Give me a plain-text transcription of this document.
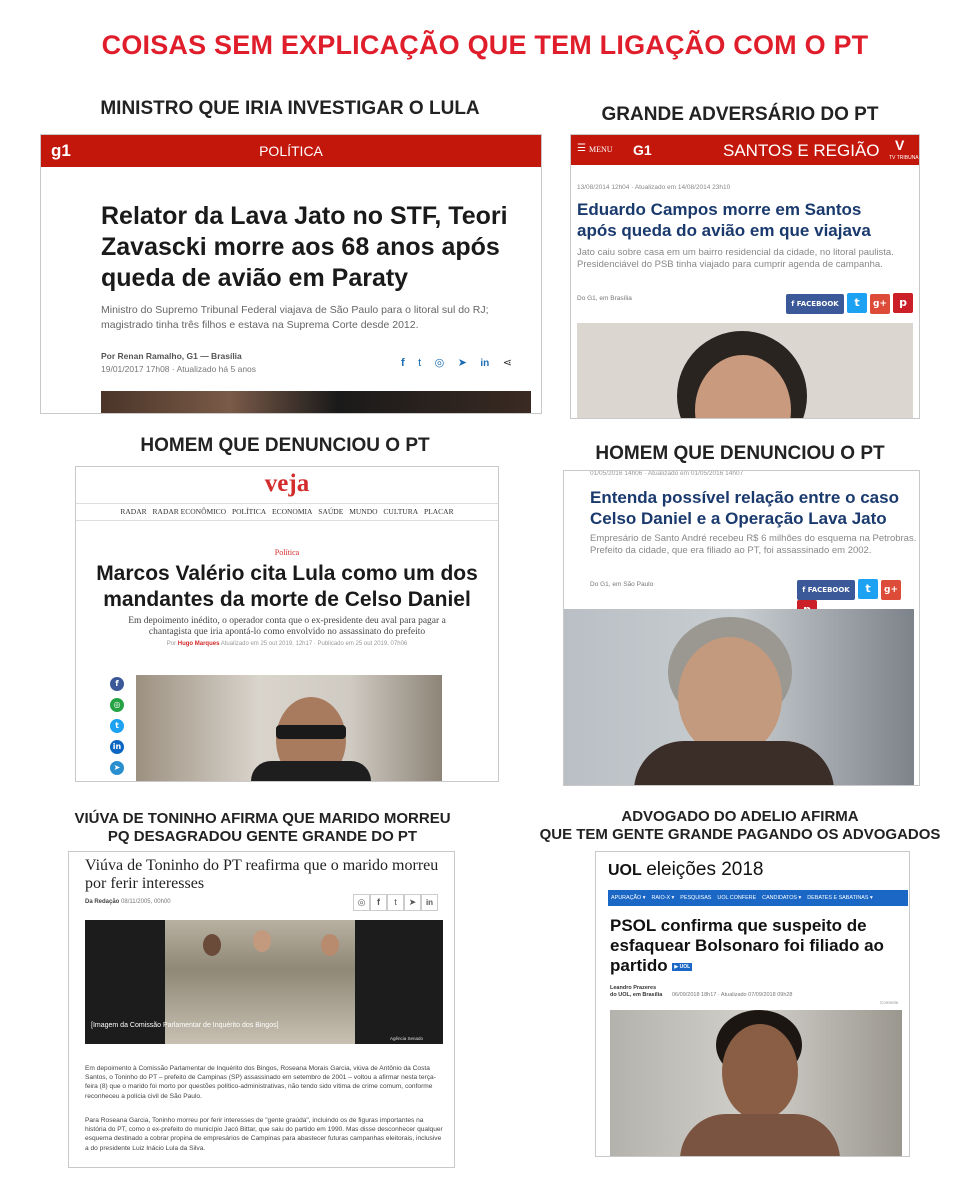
COISAS SEM EXPLICAÇÃO QUE TEM LIGAÇÃO COM O PT
MINISTRO QUE IRIA INVESTIGAR O LULA
g1	POLÍTICA
Relator da Lava Jato no STF, Teori Zavascki morre aos 68 anos após queda de avião em Paraty
Ministro do Supremo Tribunal Federal viajava de São Paulo para o litoral sul do RJ; magistrado tinha três filhos e estava na Suprema Corte desde 2012.
Por Renan Ramalho, G1 — Brasília
19/01/2017 17h08 · Atualizado há 5 anos	f t ◎ ➤ in ⋖
GRANDE ADVERSÁRIO DO PT
☰ MENU G1	SANTOS E REGIÃO TV TRIBUNA
V
13/08/2014 12h04 · Atualizado em 14/08/2014 23h10
Eduardo Campos morre em Santos após queda do avião em que viajava
Jato caiu sobre casa em um bairro residencial da cidade, no litoral paulista. Presidenciável do PSB tinha viajado para cumprir agenda de campanha.
Do G1, em Brasília
f FACEBOOK t g+ p
HOMEM QUE DENUNCIOU O PT
veja
RADAR RADAR ECONÔMICO POLÍTICA ECONOMIA SAÚDE MUNDO CULTURA PLACAR
Política
Marcos Valério cita Lula como um dos mandantes da morte de Celso Daniel
Em depoimento inédito, o operador conta que o ex-presidente deu aval para pagar a chantagista que iria apontá-lo como envolvido no assassinato do prefeito
Por Hugo Marques Atualizado em 25 out 2019, 12h17 · Publicado em 25 out 2019, 07h06
f
◎
t
in
➤
HOMEM QUE DENUNCIOU O PT
01/05/2016 14h06 · Atualizado em 01/05/2016 14h07
Entenda possível relação entre o caso Celso Daniel e a Operação Lava Jato
Empresário de Santo André recebeu R$ 6 milhões do esquema na Petrobras. Prefeito da cidade, que era filiado ao PT, foi assassinado em 2002.
Do G1, em São Paulo
f FACEBOOK t g+
VIÚVA DE TONINHO AFIRMA QUE MARIDO MORREU
PQ DESAGRADOU GENTE GRANDE DO PT
Viúva de Toninho do PT reafirma que o marido morreu por ferir interesses
Da Redação 08/11/2005, 00h00	◎ f t ➤ in
[Imagem da Comissão Parlamentar de Inquérito dos Bingos]
Agência Senado
Em depoimento à Comissão Parlamentar de Inquérito dos Bingos, Roseana Morais Garcia, viúva de Antônio da Costa Santos, o Toninho do PT – prefeito de Campinas (SP) assassinado em setembro de 2001 – voltou a afirmar nesta terça-feira (8) que o marido foi morto por questões político-administrativas, não tendo sido vítima de crime comum, conforme reconheceu a polícia civil de São Paulo.
Para Roseana Garcia, Toninho morreu por ferir interesses de "gente graúda", incluindo os de figuras importantes na história do PT, como o ex-prefeito do município Jacó Bittar, que saiu do partido em 1990. Mas disse desconhecer qualquer esquema destinado a cobrar propina de empresários de Campinas para abastecer futuras campanhas eleitorais, inclusive a do presidente Luiz Inácio Lula da Silva.
ADVOGADO DO ADELIO AFIRMA
QUE TEM GENTE GRANDE PAGANDO OS ADVOGADOS
UOL eleições 2018
APURAÇÃO ▾ RAIO-X ▾ PESQUISAS UOL CONFERE CANDIDATOS ▾ DEBATES E SABATINAS ▾
PSOL confirma que suspeito de esfaquear Bolsonaro foi filiado ao partido ▶ UOL
Leandro Prazeres
do UOL, em Brasília 06/09/2018 18h17 · Atualizado 07/09/2018 09h28
Comente
